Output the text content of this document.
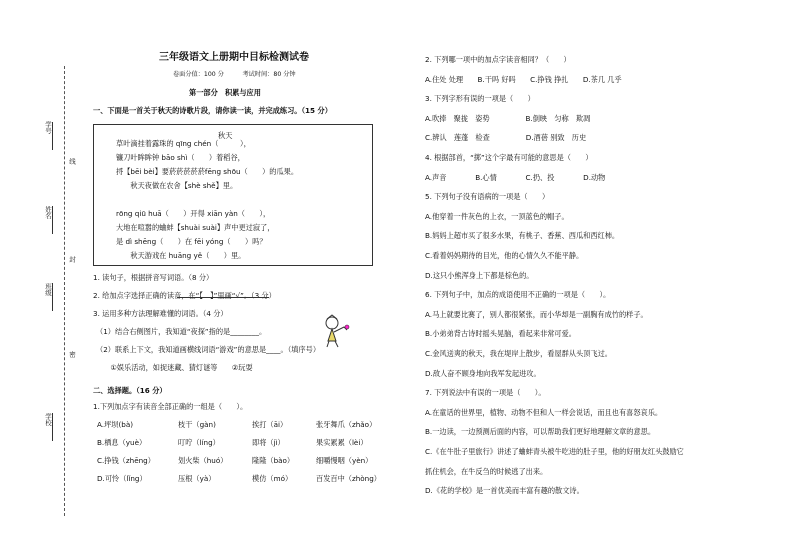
学号
姓名
班级
学校
线
封
密
三年级语文上册期中目标检测试卷
卷面分值：100 分　　　考试时间：80 分钟
第一部分　积累与应用
一、下面是一首关于秋天的诗歌片段，请你读一读，并完成练习。（15 分）
秋天
草叶滴挂着露珠的 qīng chén（　　　），
镰刀叶眸眸钟 bāo shì（　　）着稻谷，
捋【bēi bèi】要菸菸菸菸菸fēng shōu（　　）的瓜果。
　　秋天夜做在农舍【shè shě】里。
rōng qiū huā（　　）开得 xiān yàn（　　），
大地在喧嚣的蛐蚌【shuài suài】声中更过寂了，
是 dì shēng（　　）在 fēi yóng（　　）吗？
　　秋天游戏在 huāng yě（　　）里。
1. 读句子，根据拼音写词语。（8 分）
2. 给加点字选择正确的读音，在“【　】”里画“√”。（3 分）
3. 运用多种方法理解难懂的词语。（4 分）
（1）结合右侧图片，我知道“夜探”指的是________。
（2）联系上下文，我知道画横线词语“游戏”的意思是____。（填序号）
　　①娱乐活动，如捉迷藏、猜灯谜等　　②玩耍
二、选择题。（16 分）
1.下列加点字有读音全部正确的一组是（　　）。
A.坪坝(bà)	枝干（gàn)	挨打（āi）	张牙舞爪（zhǎo）
B.栖息（yuè）	叮咛（líng）	即将（jì）	果实累累（lèi）
C.挣钱（zhēng）	划火柴（huó）	隆隆（bào）	细嚼慢咽（yèn）
D.可怜（lǐng）	压根（yà）	模仿（mó）	百发百中（zhòng）
2. 下列哪一项中的加点字读音相同？（　　）
A.住处 处理　　B.干吗 好吗　　C.挣钱 挣扎　　D.茶几 几乎
3. 下列字形有误的一项是（　　）
A.吹捧　聚拢　姿势　　　　　B.倒映　匀称　欺凋
C.辨认　莲蓬　检查　　　　　D.酒蓓 别致　历史
4. 根据部首，“掷”这个字最有可能的意思是（　　）
A.声音　　　　B.心情　　　　C.扔、投　　　　D.动物
5. 下列句子没有语病的一项是（　　）
A.他穿着一件灰色的上衣，一顶蓝色的帽子。
B.妈妈上超市买了很多水果，有桃子、香蕉、西瓜和西红柿。
C.看着妈妈期待的目光，他的心情久久不能平静。
D.这只小熊浑身上下都是棕色的。
6. 下列句子中，加点的成语使用不正确的一项是（　　）。
A.马上就要比赛了，别人都很紧张，而小华却是一副胸有成竹的样子。
B.小弟弟背古诗时摇头晃脑，看起来非常可爱。
C.金风送爽的秋天，我在堤岸上散步，看屋群从头顶飞过。
D.敌人奋不顾身地向我军发起进攻。
7. 下列说法中有误的一项是（　　）。
A.在童话的世界里，植物、动物不但和人一样会说话，而且也有喜怒哀乐。
B.一边读，一边预测后面的内容，可以帮助我们更好地理解文章的意思。
C.《在牛肚子里旅行》讲述了蛐蚌青头被牛吃进的肚子里，他的好朋友红头鼓励它
抓住机会，在牛反刍的时候逃了出来。
D.《花的学校》是一首优美而丰富有趣的散文诗。
